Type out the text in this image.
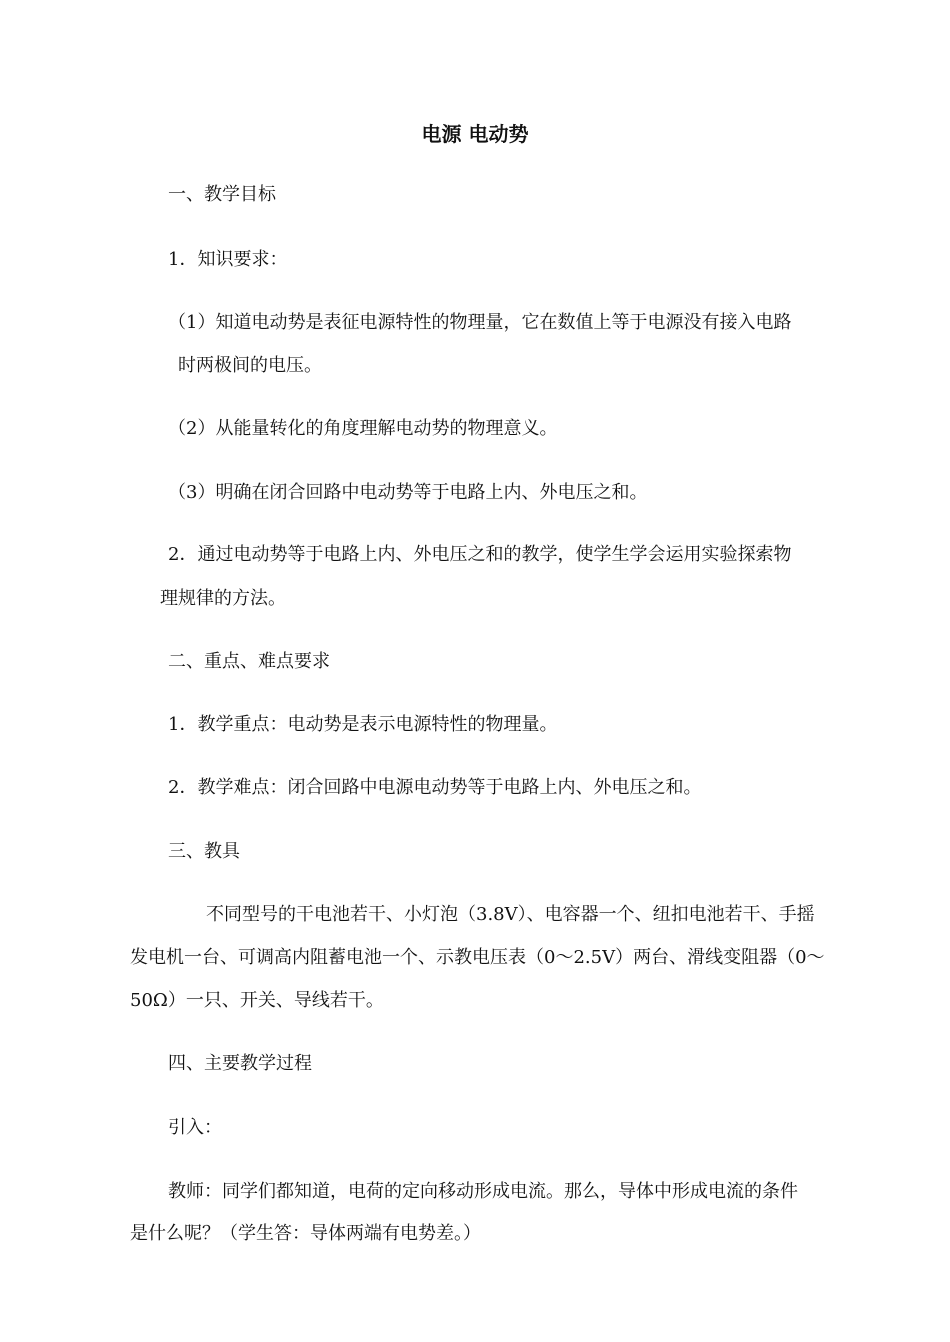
电源 电动势
一、教学目标
1．知识要求：
（1）知道电动势是表征电源特性的物理量，它在数值上等于电源没有接入电路
时两极间的电压。
（2）从能量转化的角度理解电动势的物理意义。
（3）明确在闭合回路中电动势等于电路上内、外电压之和。
2．通过电动势等于电路上内、外电压之和的教学，使学生学会运用实验探索物
理规律的方法。
二、重点、难点要求
1．教学重点：电动势是表示电源特性的物理量。
2．教学难点：闭合回路中电源电动势等于电路上内、外电压之和。
三、教具
不同型号的干电池若干、小灯泡（3.8V）、电容器一个、纽扣电池若干、手摇
发电机一台、可调高内阻蓄电池一个、示教电压表（0～2.5V）两台、滑线变阻器（0～
50Ω）一只、开关、导线若干。
四、主要教学过程
引入：
教师：同学们都知道，电荷的定向移动形成电流。那么，导体中形成电流的条件
是什么呢？（学生答：导体两端有电势差。）
